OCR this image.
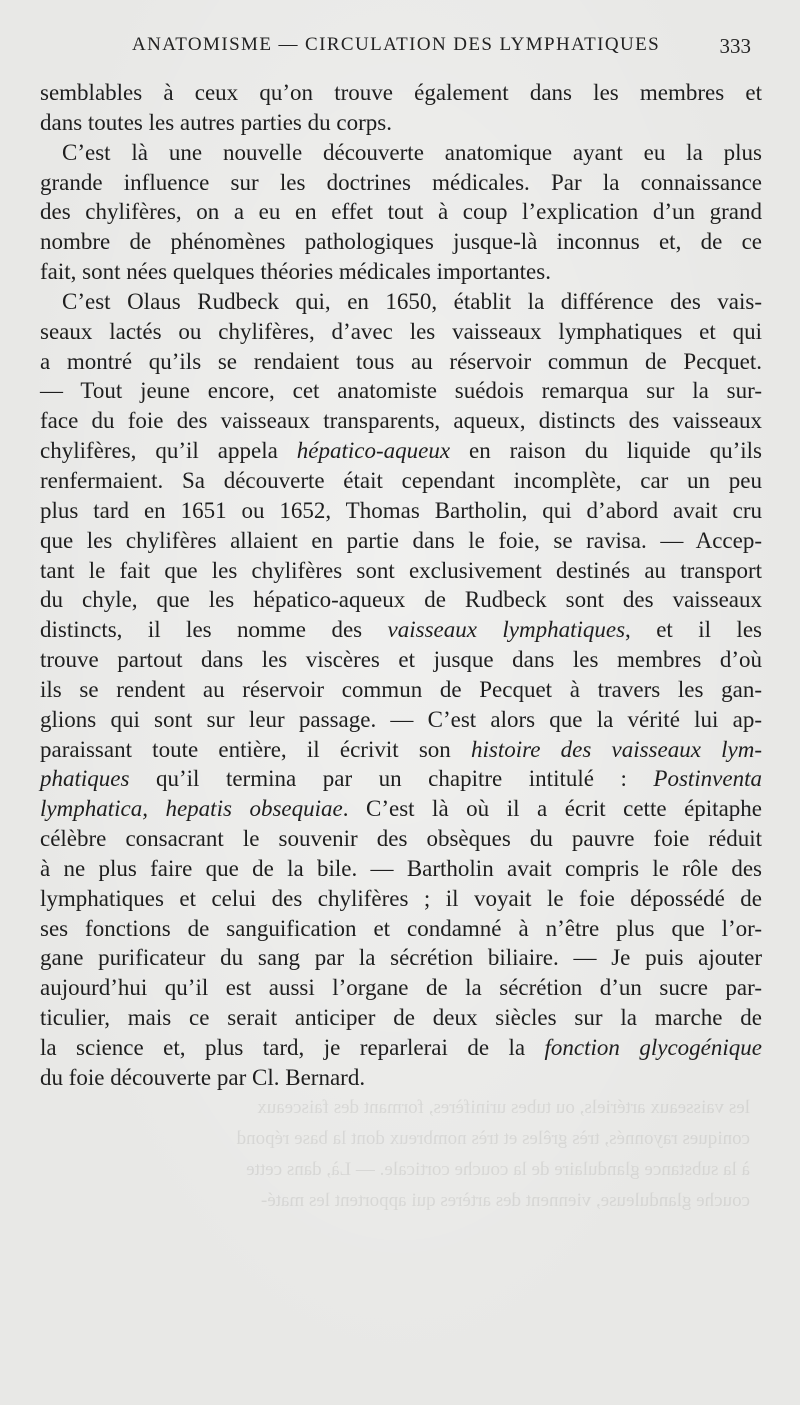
ANATOMISME — CIRCULATION DES LYMPHATIQUES	333
semblables à ceux qu’on trouve également dans les membres et
dans toutes les autres parties du corps.
C’est là une nouvelle découverte anatomique ayant eu la plus
grande influence sur les doctrines médicales. Par la connaissance
des chylifères, on a eu en effet tout à coup l’explication d’un grand
nombre de phénomènes pathologiques jusque-là inconnus et, de ce
fait, sont nées quelques théories médicales importantes.
C’est Olaus Rudbeck qui, en 1650, établit la différence des vais-
seaux lactés ou chylifères, d’avec les vaisseaux lymphatiques et qui
a montré qu’ils se rendaient tous au réservoir commun de Pecquet.
— Tout jeune encore, cet anatomiste suédois remarqua sur la sur-
face du foie des vaisseaux transparents, aqueux, distincts des vaisseaux
chylifères, qu’il appela hépatico-aqueux en raison du liquide qu’ils
renfermaient. Sa découverte était cependant incomplète, car un peu
plus tard en 1651 ou 1652, Thomas Bartholin, qui d’abord avait cru
que les chylifères allaient en partie dans le foie, se ravisa. — Accep-
tant le fait que les chylifères sont exclusivement destinés au transport
du chyle, que les hépatico-aqueux de Rudbeck sont des vaisseaux
distincts, il les nomme des vaisseaux lymphatiques, et il les
trouve partout dans les viscères et jusque dans les membres d’où
ils se rendent au réservoir commun de Pecquet à travers les gan-
glions qui sont sur leur passage. — C’est alors que la vérité lui ap-
paraissant toute entière, il écrivit son histoire des vaisseaux lym-
phatiques qu’il termina par un chapitre intitulé : Postinventa
lymphatica, hepatis obsequiae. C’est là où il a écrit cette épitaphe
célèbre consacrant le souvenir des obsèques du pauvre foie réduit
à ne plus faire que de la bile. — Bartholin avait compris le rôle des
lymphatiques et celui des chylifères ; il voyait le foie dépossédé de
ses fonctions de sanguification et condamné à n’être plus que l’or-
gane purificateur du sang par la sécrétion biliaire. — Je puis ajouter
aujourd’hui qu’il est aussi l’organe de la sécrétion d’un sucre par-
ticulier, mais ce serait anticiper de deux siècles sur la marche de
la science et, plus tard, je reparlerai de la fonction glycogénique
du foie découverte par Cl. Bernard.
les vaisseaux artériels, ou tubes urinifères, formant des faisceaux
coniques rayonnés, très grêles et très nombreux dont la base répond
à la substance glandulaire de la couche corticale. — Là, dans cette
couche glanduleuse, viennent des artères qui apportent les maté-
